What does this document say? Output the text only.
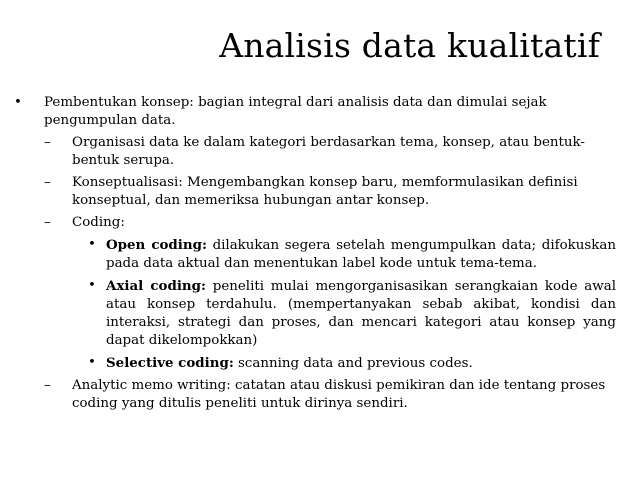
Analisis data kualitatif
• Pembentukan konsep: bagian integral dari analisis data dan dimulai sejak pengumpulan data.
– Organisasi data ke dalam kategori berdasarkan tema, konsep, atau bentuk-bentuk serupa.
– Konseptualisasi: Mengembangkan konsep baru, memformulasikan definisi konseptual, dan memeriksa hubungan antar konsep.
– Coding:
• Open coding: dilakukan segera setelah mengumpulkan data; difokuskan pada data aktual dan menentukan label kode untuk tema-tema.
• Axial coding: peneliti mulai mengorganisasikan serangkaian kode awal atau konsep terdahulu. (mempertanyakan sebab akibat, kondisi dan interaksi, strategi dan proses, dan mencari kategori atau konsep yang dapat dikelompokkan)
• Selective coding: scanning data and previous codes.
– Analytic memo writing: catatan atau diskusi pemikiran dan ide tentang proses coding yang ditulis peneliti untuk dirinya sendiri.
